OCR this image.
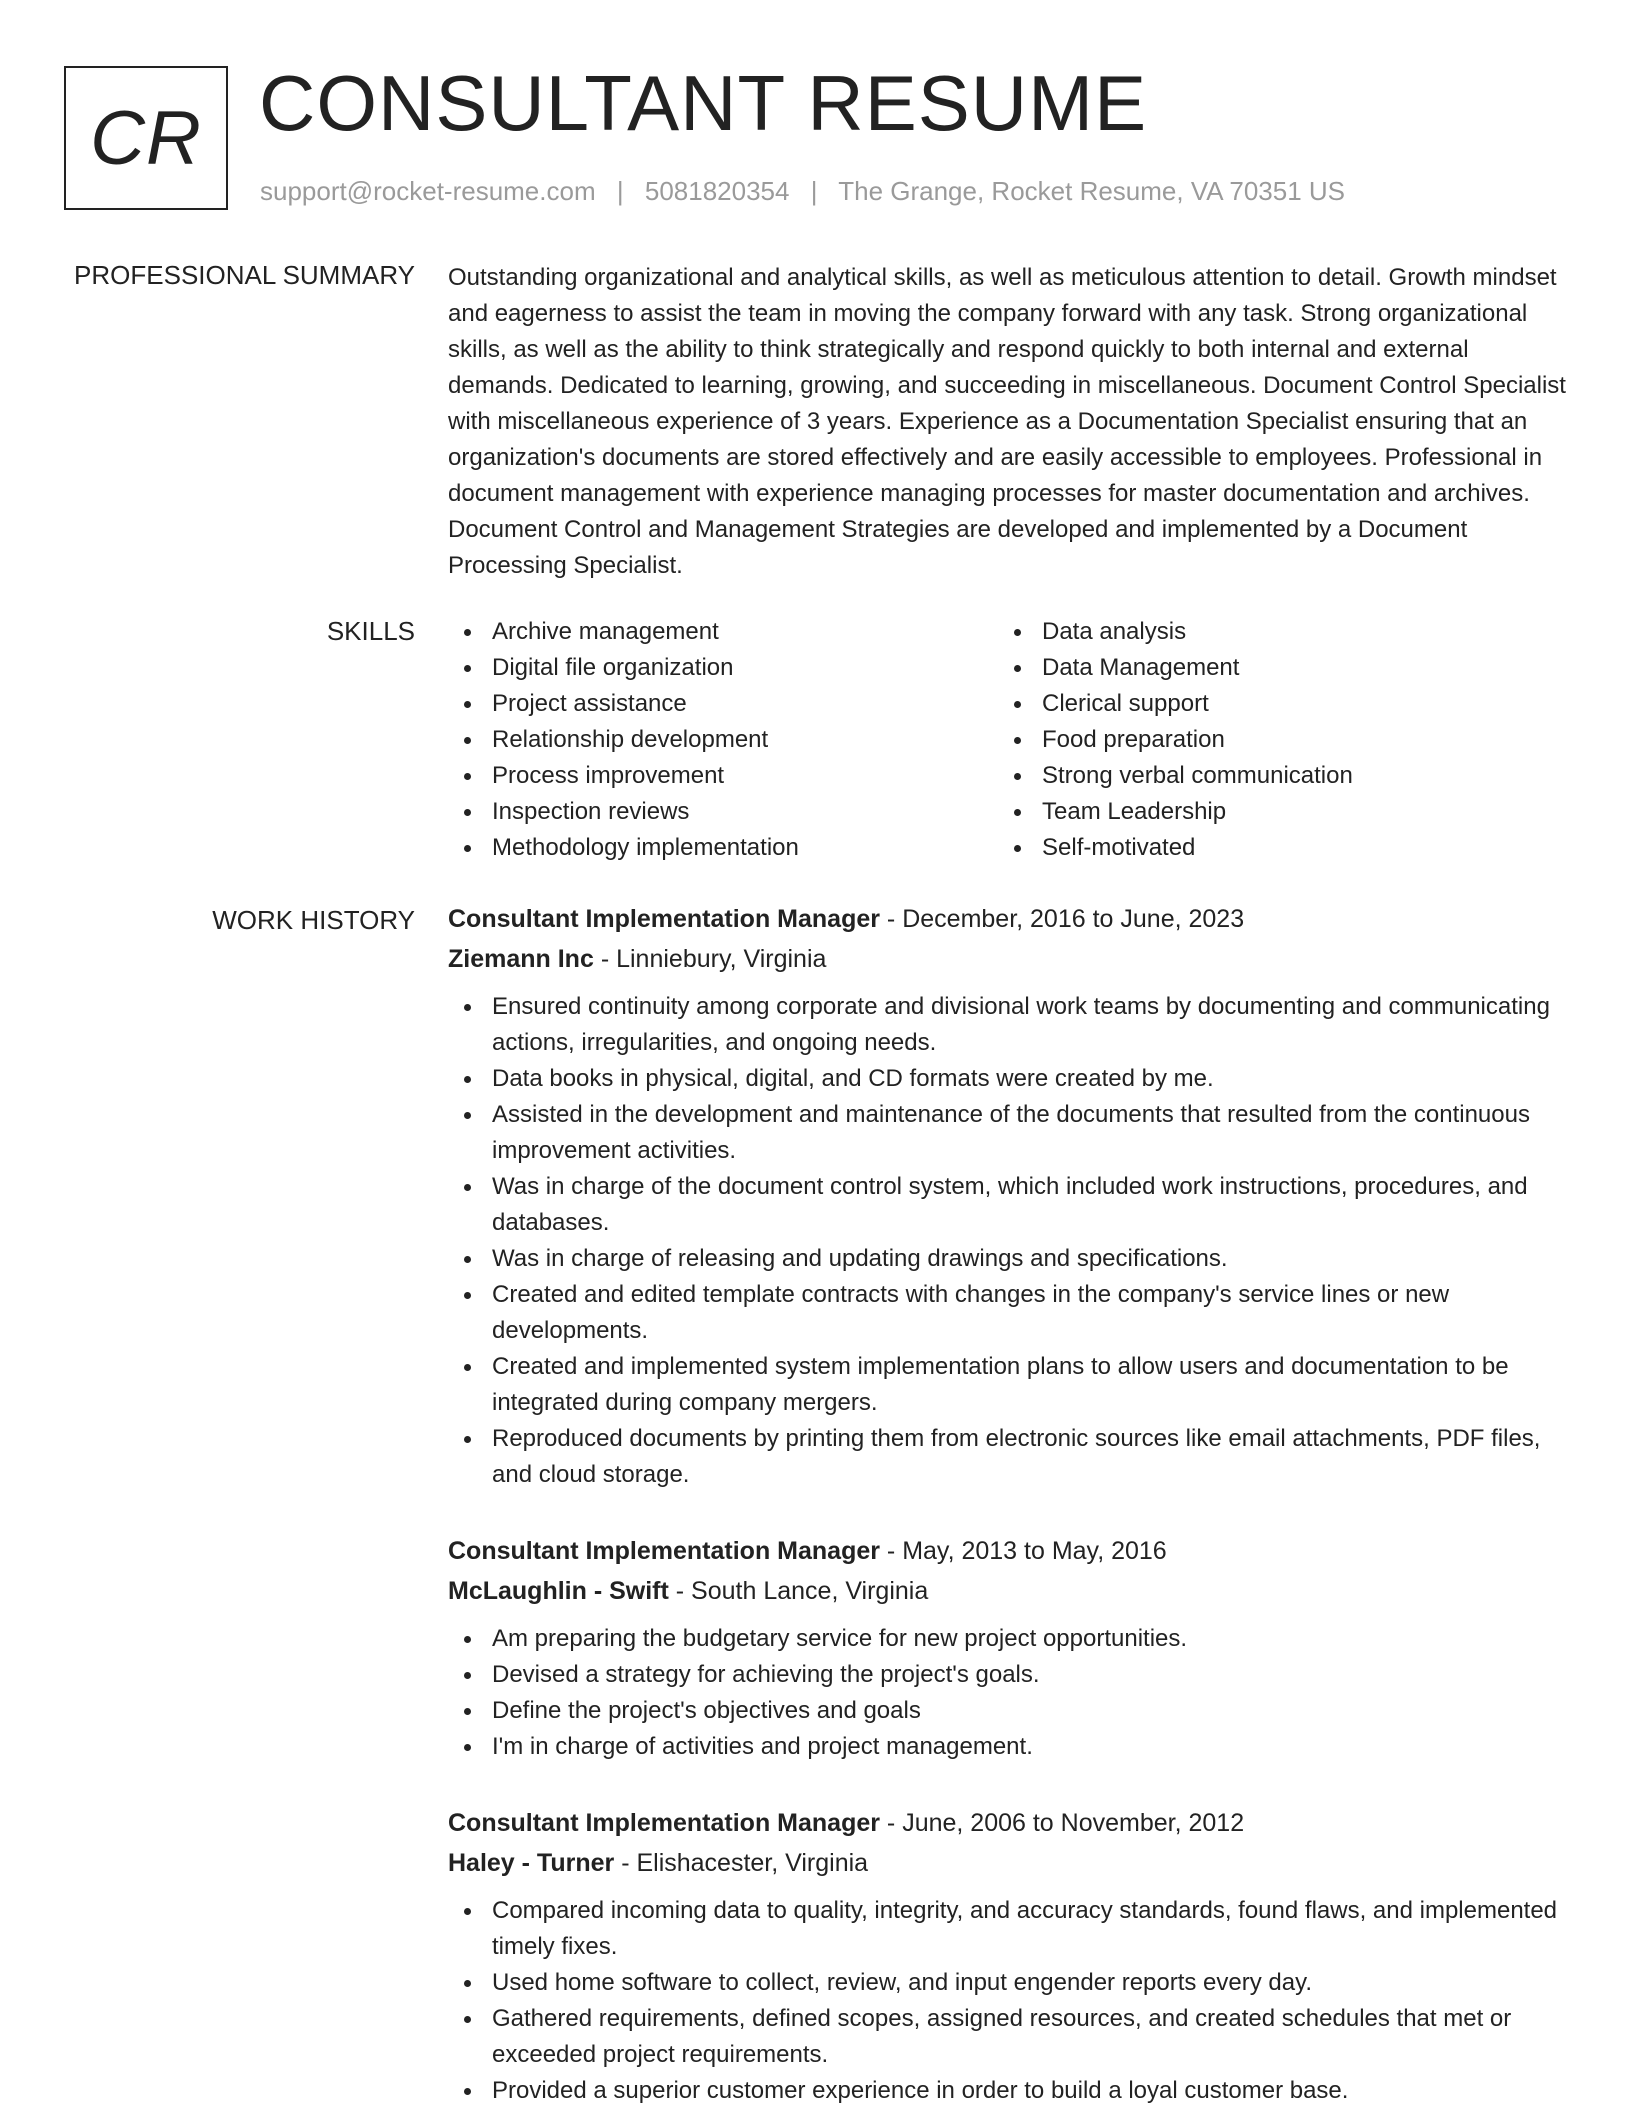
CR CONSULTANT RESUME
support@rocket-resume.com | 5081820354 | The Grange, Rocket Resume, VA 70351 US
PROFESSIONAL SUMMARY Outstanding organizational and analytical skills, as well as meticulous attention to detail. Growth mindset and eagerness to assist the team in moving the company forward with any task. Strong organizational skills, as well as the ability to think strategically and respond quickly to both internal and external demands. Dedicated to learning, growing, and succeeding in miscellaneous. Document Control Specialist with miscellaneous experience of 3 years. Experience as a Documentation Specialist ensuring that an organization's documents are stored effectively and are easily accessible to employees. Professional in document management with experience managing processes for master documentation and archives. Document Control and Management Strategies are developed and implemented by a Document Processing Specialist.

SKILLS	Archive management
Digital file organization
Project assistance
Relationship development
Process improvement
Inspection reviews
Methodology implementation
Data analysis
Data Management
Clerical support
Food preparation
Strong verbal communication
Team Leadership
Self-motivated
WORK HISTORY Consultant Implementation Manager - December, 2016 to June, 2023
Ziemann Inc - Linniebury, Virginia
Ensured continuity among corporate and divisional work teams by documenting and communicating actions, irregularities, and ongoing needs.
Data books in physical, digital, and CD formats were created by me.
Assisted in the development and maintenance of the documents that resulted from the continuous improvement activities.
Was in charge of the document control system, which included work instructions, procedures, and databases.
Was in charge of releasing and updating drawings and specifications.
Created and edited template contracts with changes in the company's service lines or new developments.
Created and implemented system implementation plans to allow users and documentation to be integrated during company mergers.
Reproduced documents by printing them from electronic sources like email attachments, PDF files, and cloud storage.
Consultant Implementation Manager - May, 2013 to May, 2016
McLaughlin - Swift - South Lance, Virginia
Am preparing the budgetary service for new project opportunities.
Devised a strategy for achieving the project's goals.
Define the project's objectives and goals
I'm in charge of activities and project management.
Consultant Implementation Manager - June, 2006 to November, 2012
Haley - Turner - Elishacester, Virginia
Compared incoming data to quality, integrity, and accuracy standards, found flaws, and implemented timely fixes.
Used home software to collect, review, and input engender reports every day.
Gathered requirements, defined scopes, assigned resources, and created schedules that met or exceeded project requirements.
Provided a superior customer experience in order to build a loyal customer base.
